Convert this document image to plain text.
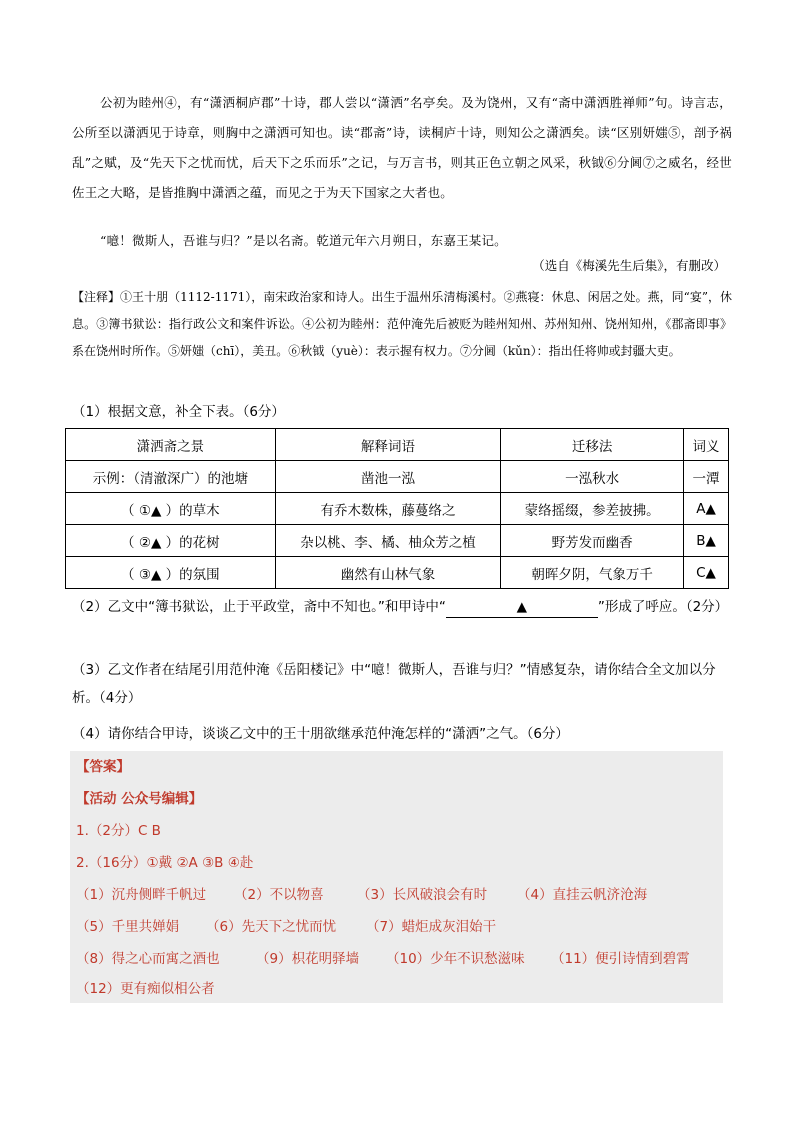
公初为睦州④，有“潇洒桐庐郡”十诗，郡人尝以“潇洒”名亭矣。及为饶州，又有“斋中潇洒胜禅师”句。诗言志，公所至以潇洒见于诗章，则胸中之潇洒可知也。读“郡斋”诗，读桐庐十诗，则知公之潇洒矣。读“区别妍媸⑤，剖予祸乱”之赋，及“先天下之忧而忧，后天下之乐而乐”之记，与万言书，则其正色立朝之风采，秋钺⑥分阃⑦之威名，经世佐王之大略，是皆推胸中潇洒之蕴，而见之于为天下国家之大者也。
“噫！微斯人，吾谁与归？”是以名斋。乾道元年六月朔日，东嘉王某记。
（选自《梅溪先生后集》，有删改）
【注释】①王十朋（1112-1171），南宋政治家和诗人。出生于温州乐清梅溪村。②燕寝：休息、闲居之处。燕，同“宴”，休息。③簿书狱讼：指行政公文和案件诉讼。④公初为睦州：范仲淹先后被贬为睦州知州、苏州知州、饶州知州，《郡斋即事》系在饶州时所作。⑤妍媸（chī），美丑。⑥秋钺（yuè）：表示握有权力。⑦分阃（kǔn）：指出任将帅或封疆大吏。
（1）根据文意，补全下表。（6分）
潇洒斋之景	解释词语	迁移法	词义
示例：（清澈深广）的池塘	凿池一泓	一泓秋水	一潭
（ ①▲ ）的草木	有乔木数株，藤蔓络之	蒙络摇缀，参差披拂。	A▲
（ ②▲ ）的花树	杂以桃、李、橘、柚众芳之植	野芳发而幽香	B▲
（ ③▲ ）的氛围	幽然有山林气象	朝晖夕阴，气象万千	C▲
（2）乙文中“簿书狱讼，止于平政堂，斋中不知也。”和甲诗中“	▲	”形成了呼应。（2分）
（3）乙文作者在结尾引用范仲淹《岳阳楼记》中“噫！微斯人，吾谁与归？”情感复杂，请你结合全文加以分析。（4分）
（4）请你结合甲诗，谈谈乙文中的王十朋欲继承范仲淹怎样的“潇洒”之气。（6分）
【答案】
【活动 公众号编辑】
1.（2分）C B
2.（16分）①戴 ②A ③B ④赴
（1）沉舟侧畔千帆过 （2）不以物喜 （3）长风破浪会有时 （4）直挂云帆济沧海
（5）千里共婵娟 （6）先天下之忧而忧 （7）蜡炬成灰泪始干
（8）得之心而寓之酒也	（9）枳花明驿墙 （10）少年不识愁滋味 （11）便引诗情到碧霄
（12）更有痴似相公者
